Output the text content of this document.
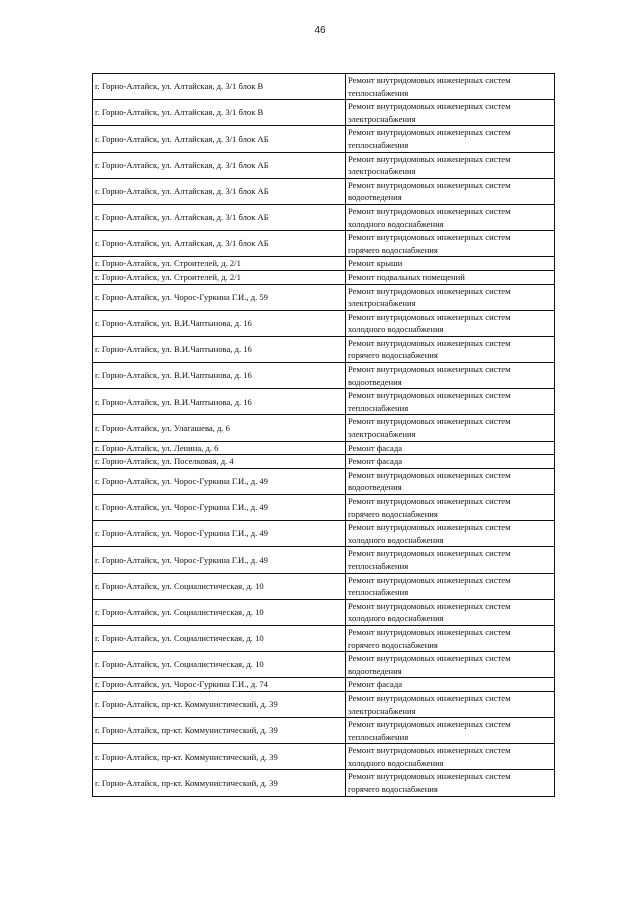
46
г. Горно-Алтайск, ул. Алтайская, д. 3/1 блок В	Ремонт внутридомовых инженерных систем
теплоснабжения

г. Горно-Алтайск, ул. Алтайская, д. 3/1 блок В	Ремонт внутридомовых инженерных систем
электроснабжения

г. Горно-Алтайск, ул. Алтайская, д. 3/1 блок АБ	Ремонт внутридомовых инженерных систем
теплоснабжения

г. Горно-Алтайск, ул. Алтайская, д. 3/1 блок АБ	Ремонт внутридомовых инженерных систем
электроснабжения

г. Горно-Алтайск, ул. Алтайская, д. 3/1 блок АБ	Ремонт внутридомовых инженерных систем
водоотведения

г. Горно-Алтайск, ул. Алтайская, д. 3/1 блок АБ	Ремонт внутридомовых инженерных систем
холодного водоснабжения

г. Горно-Алтайск, ул. Алтайская, д. 3/1 блок АБ	Ремонт внутридомовых инженерных систем
горячего водоснабжения

г. Горно-Алтайск, ул. Строителей, д. 2/1	Ремонт крыши

г. Горно-Алтайск, ул. Строителей, д. 2/1	Ремонт подвальных помещений

г. Горно-Алтайск, ул. Чорос-Гуркина Г.И., д. 59	Ремонт внутридомовых инженерных систем
электроснабжения

г. Горно-Алтайск, ул. В.И.Чаптынова, д. 16	Ремонт внутридомовых инженерных систем
холодного водоснабжения

г. Горно-Алтайск, ул. В.И.Чаптынова, д. 16	Ремонт внутридомовых инженерных систем
горячего водоснабжения

г. Горно-Алтайск, ул. В.И.Чаптынова, д. 16	Ремонт внутридомовых инженерных систем
водоотведения

г. Горно-Алтайск, ул. В.И.Чаптынова, д. 16	Ремонт внутридомовых инженерных систем
теплоснабжения

г. Горно-Алтайск, ул. Улагашева, д. 6	Ремонт внутридомовых инженерных систем
электроснабжения

г. Горно-Алтайск, ул. Ленина, д. 6	Ремонт фасада

г. Горно-Алтайск, ул. Поселковая, д. 4	Ремонт фасада

г. Горно-Алтайск, ул. Чорос-Гуркина Г.И., д. 49	Ремонт внутридомовых инженерных систем
водоотведения

г. Горно-Алтайск, ул. Чорос-Гуркина Г.И., д. 49	Ремонт внутридомовых инженерных систем
горячего водоснабжения

г. Горно-Алтайск, ул. Чорос-Гуркина Г.И., д. 49	Ремонт внутридомовых инженерных систем
холодного водоснабжения

г. Горно-Алтайск, ул. Чорос-Гуркина Г.И., д. 49	Ремонт внутридомовых инженерных систем
теплоснабжения

г. Горно-Алтайск, ул. Социалистическая, д. 10	Ремонт внутридомовых инженерных систем
теплоснабжения

г. Горно-Алтайск, ул. Социалистическая, д. 10	Ремонт внутридомовых инженерных систем
холодного водоснабжения

г. Горно-Алтайск, ул. Социалистическая, д. 10	Ремонт внутридомовых инженерных систем
горячего водоснабжения

г. Горно-Алтайск, ул. Социалистическая, д. 10	Ремонт внутридомовых инженерных систем
водоотведения

г. Горно-Алтайск, ул. Чорос-Гуркина Г.И., д. 74	Ремонт фасада

г. Горно-Алтайск, пр-кт. Коммунистический, д. 39	Ремонт внутридомовых инженерных систем
электроснабжения

г. Горно-Алтайск, пр-кт. Коммунистический, д. 39	Ремонт внутридомовых инженерных систем
теплоснабжения

г. Горно-Алтайск, пр-кт. Коммунистический, д. 39	Ремонт внутридомовых инженерных систем
холодного водоснабжения

г. Горно-Алтайск, пр-кт. Коммунистический, д. 39	Ремонт внутридомовых инженерных систем
горячего водоснабжения
